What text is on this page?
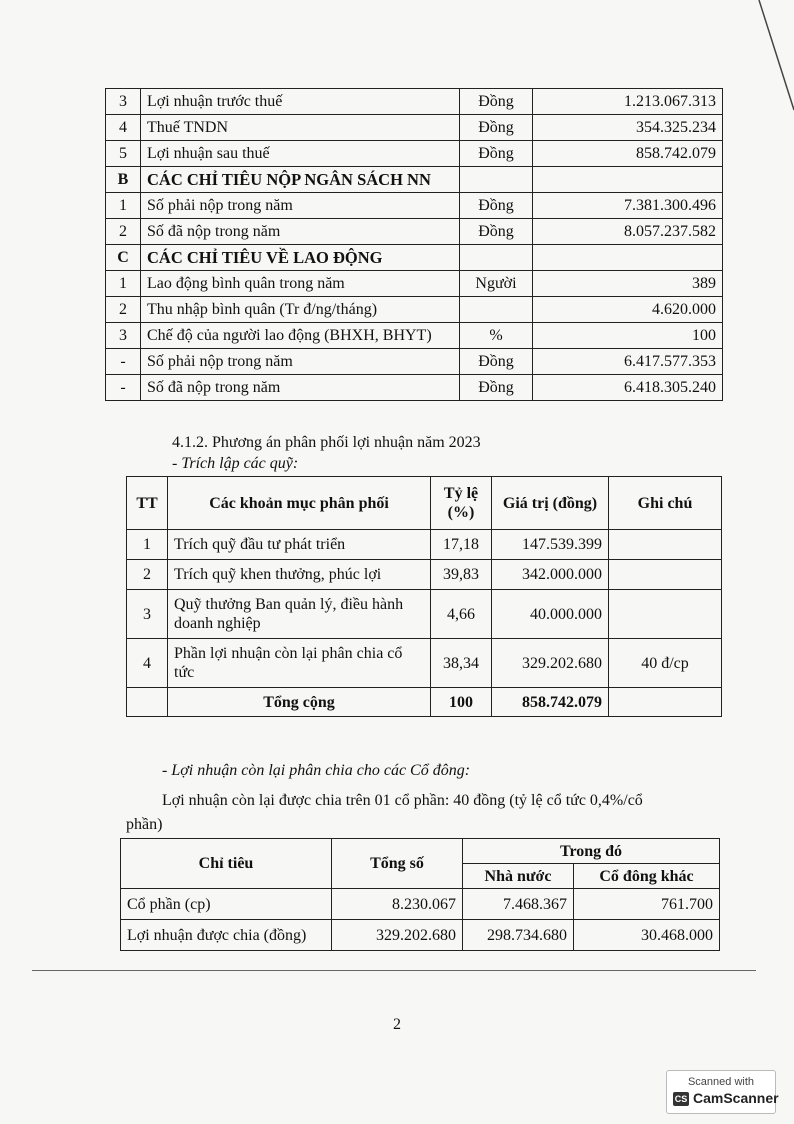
3	Lợi nhuận trước thuế	Đồng	1.213.067.313
4	Thuế TNDN	Đồng	354.325.234
5	Lợi nhuận sau thuế	Đồng	858.742.079
B	CÁC CHỈ TIÊU NỘP NGÂN SÁCH NN		
1	Số phải nộp trong năm	Đồng	7.381.300.496
2	Số đã nộp trong năm	Đồng	8.057.237.582
C	CÁC CHỈ TIÊU VỀ LAO ĐỘNG		
1	Lao động bình quân trong năm	Người	389
2	Thu nhập bình quân (Tr đ/ng/tháng)		4.620.000
3	Chế độ của người lao động (BHXH, BHYT)	%	100
-	Số phải nộp trong năm	Đồng	6.417.577.353
-	Số đã nộp trong năm	Đồng	6.418.305.240
4.1.2. Phương án phân phối lợi nhuận năm 2023
- Trích lập các quỹ:
TT	Các khoản mục phân phối	Tỷ lệ (%)	Giá trị (đồng)	Ghi chú
1	Trích quỹ đầu tư phát triển	17,18	147.539.399	
2	Trích quỹ khen thưởng, phúc lợi	39,83	342.000.000	
3	Quỹ thưởng Ban quản lý, điều hành doanh nghiệp	4,66	40.000.000	
4	Phần lợi nhuận còn lại phân chia cổ tức	38,34	329.202.680	40 đ/cp
	Tổng cộng	100	858.742.079	
- Lợi nhuận còn lại phân chia cho các Cổ đông:
Lợi nhuận còn lại được chia trên 01 cổ phần: 40 đồng (tỷ lệ cổ tức 0,4%/cổ
phần)
Chỉ tiêu	Tổng số	Trong đó	
		Nhà nước	Cổ đông khác
Cổ phần (cp)	8.230.067	7.468.367	761.700
Lợi nhuận được chia (đồng)	329.202.680	298.734.680	30.468.000
2
Scanned with
CS CamScanner
